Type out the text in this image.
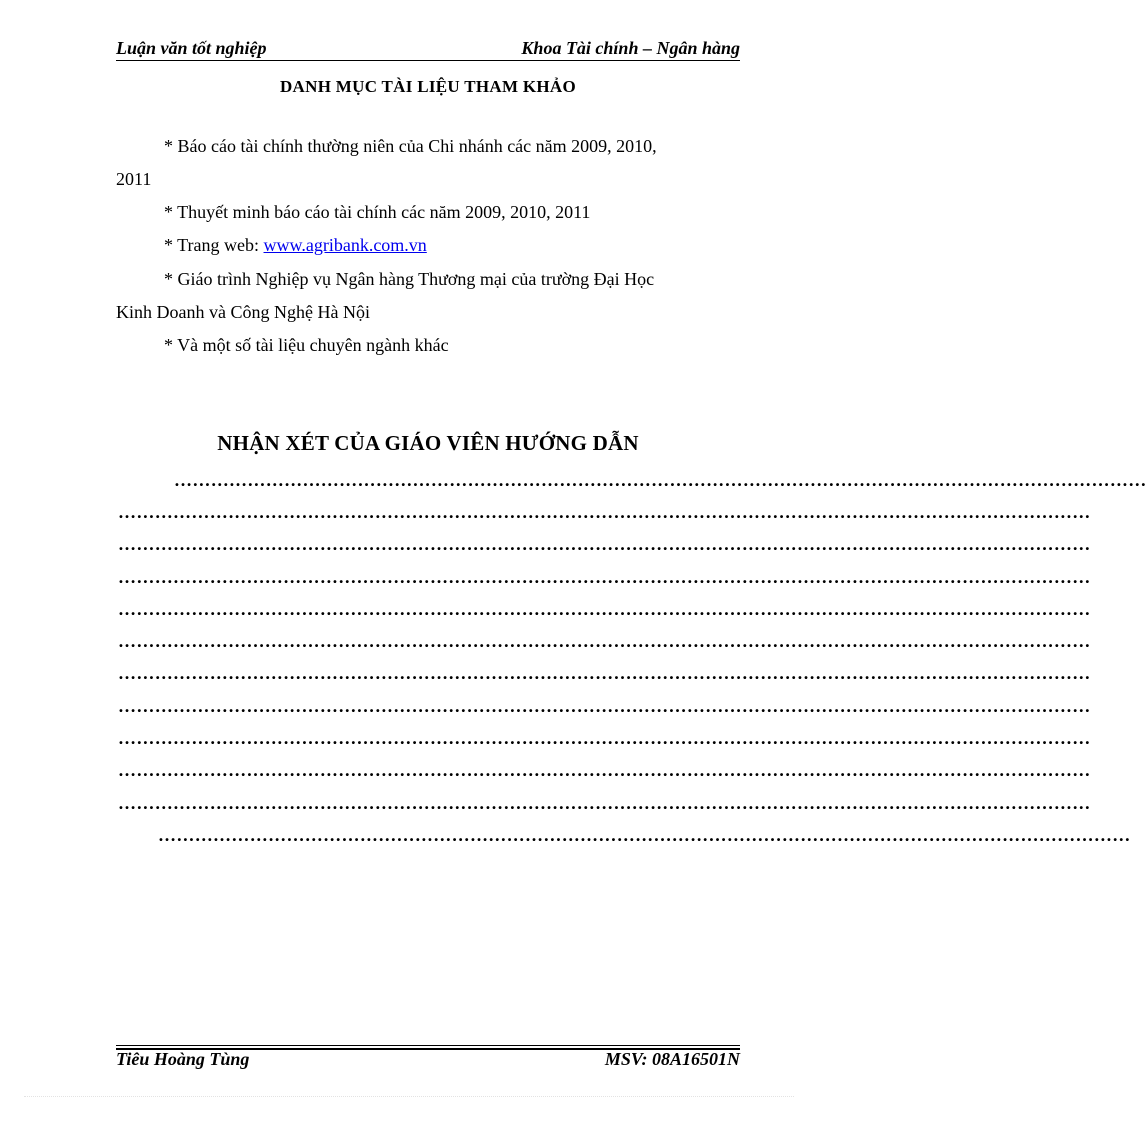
Luận văn tốt nghiệp	Khoa Tài chính – Ngân hàng
DANH MỤC TÀI LIỆU THAM KHẢO
* Báo cáo tài chính thường niên của Chi nhánh các năm 2009, 2010,
2011
* Thuyết minh báo cáo tài chính các năm 2009, 2010, 2011
* Trang web: www.agribank.com.vn
* Giáo trình Nghiệp vụ Ngân hàng Thương mại của trường Đại Học
Kinh Doanh và Công Nghệ Hà Nội
* Và một số tài liệu chuyên ngành khác
NHẬN XÉT CỦA GIÁO VIÊN HƯỚNG DẪN
……………………………………………………………………………………………………………………………………………
……………………………………………………………………………………………………………………………………………
……………………………………………………………………………………………………………………………………………
……………………………………………………………………………………………………………………………………………
……………………………………………………………………………………………………………………………………………
……………………………………………………………………………………………………………………………………………
……………………………………………………………………………………………………………………………………………
……………………………………………………………………………………………………………………………………………
……………………………………………………………………………………………………………………………………………
……………………………………………………………………………………………………………………………………………
……………………………………………………………………………………………………………………………………………
……………………………………………………………………………………………………………………………………………
Tiêu Hoàng Tùng	MSV: 08A16501N
